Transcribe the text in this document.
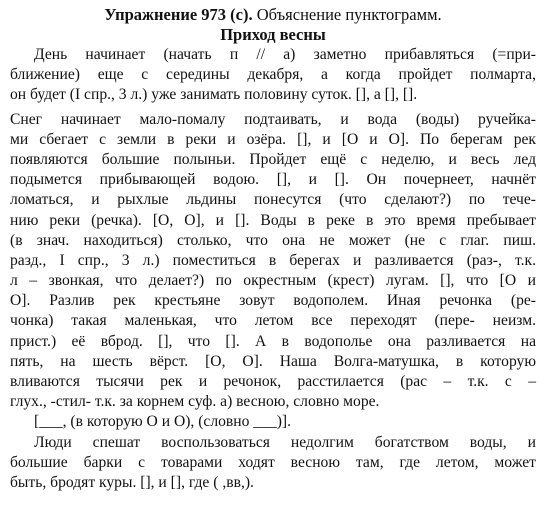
Упражнение 973 (с). Объяснение пунктограмм.
Приход весны
День начинает (начать п // а) заметно прибавляться (=при-
ближение) еще с середины декабря, а когда пройдет полмарта,
он будет (I спр., 3 л.) уже занимать половину суток. [], а [], [].
Снег начинает мало-помалу подтаивать, и вода (воды) ручейка-
ми сбегает с земли в реки и озёра. [], и [О и О]. По берегам рек
появляются большие полыньи. Пройдет ещё с неделю, и весь лед
подымется прибывающей водою. [], и []. Он почернеет, начнёт
ломаться, и рыхлые льдины понесутся (что сделают?) по тече-
нию реки (речка). [О, О], и []. Воды в реке в это время пребывает
(в знач. находиться) столько, что она не может (не с глаг. пиш.
разд., I спр., 3 л.) поместиться в берегах и разливается (раз-, т.к.
л – звонкая, что делает?) по окрестным (крест) лугам. [], что [О и
О]. Разлив рек крестьяне зовут водополем. Иная речонка (ре-
чонка) такая маленькая, что летом все переходят (пере- неизм.
прист.) её вброд. [], что []. А в водополье она разливается на
пять, на шесть вёрст. [О, О]. Наша Волга-матушка, в которую
вливаются тысячи рек и речонок, расстилается (рас – т.к. с –
глух., -стил- т.к. за корнем суф. а) весною, словно море.
[___, (в которую О и О), (словно ___)].
Люди спешат воспользоваться недолгим богатством воды, и
большие барки с товарами ходят весною там, где летом, может
быть, бродят куры. [], и [], где ( ,вв,).
